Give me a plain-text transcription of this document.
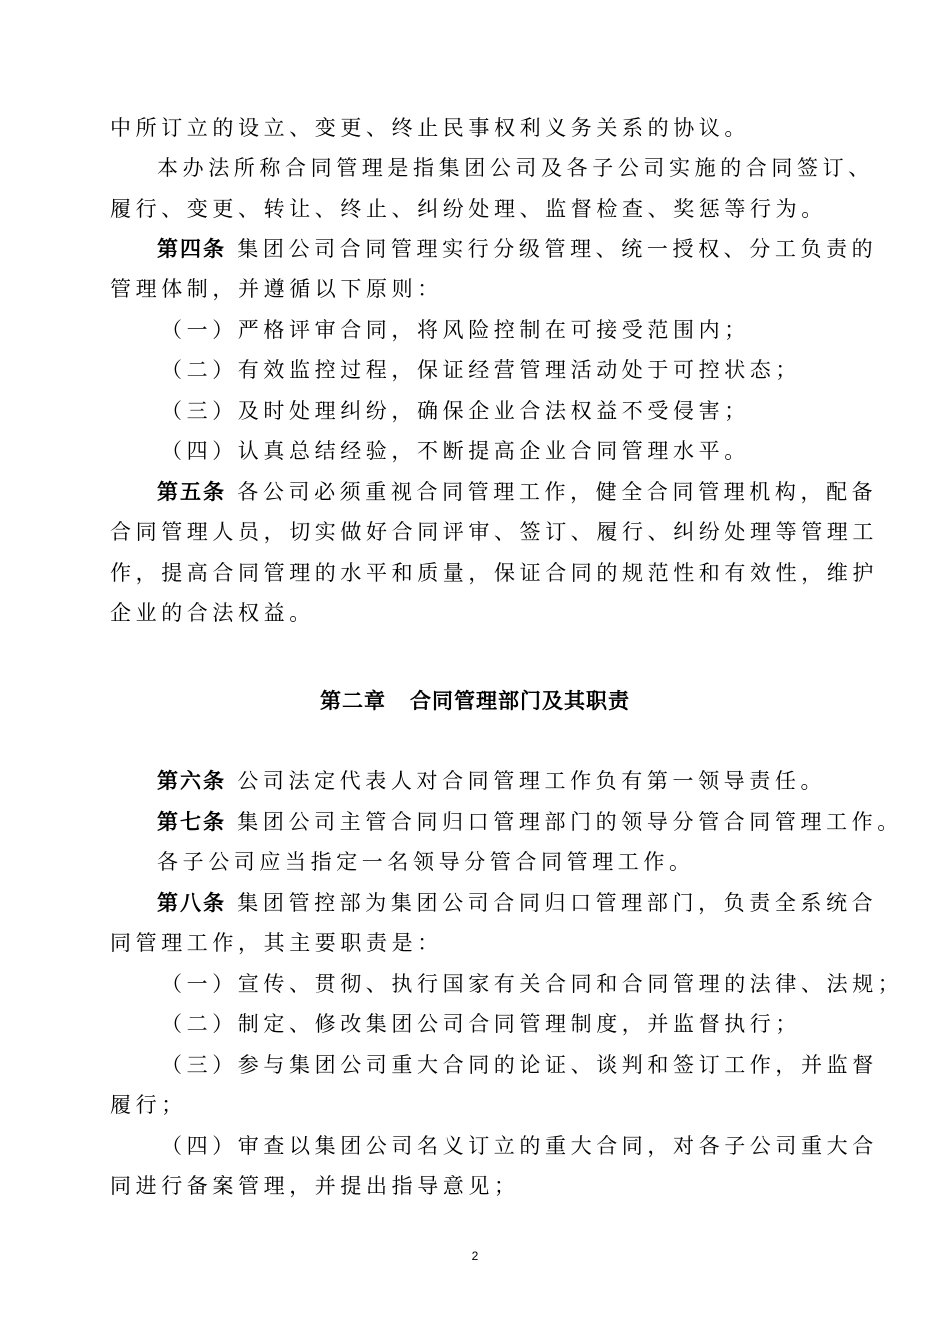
中所订立的设立、变更、终止民事权利义务关系的协议。
本办法所称合同管理是指集团公司及各子公司实施的合同签订、
履行、变更、转让、终止、纠纷处理、监督检查、奖惩等行为。
第四条 集团公司合同管理实行分级管理、统一授权、分工负责的
管理体制，并遵循以下原则：
（一）严格评审合同，将风险控制在可接受范围内；
（二）有效监控过程，保证经营管理活动处于可控状态；
（三）及时处理纠纷，确保企业合法权益不受侵害；
（四）认真总结经验，不断提高企业合同管理水平。
第五条 各公司必须重视合同管理工作，健全合同管理机构，配备
合同管理人员，切实做好合同评审、签订、履行、纠纷处理等管理工
作，提高合同管理的水平和质量，保证合同的规范性和有效性，维护
企业的合法权益。
第二章 合同管理部门及其职责
第六条 公司法定代表人对合同管理工作负有第一领导责任。
第七条 集团公司主管合同归口管理部门的领导分管合同管理工作。
各子公司应当指定一名领导分管合同管理工作。
第八条 集团管控部为集团公司合同归口管理部门，负责全系统合
同管理工作，其主要职责是：
（一）宣传、贯彻、执行国家有关合同和合同管理的法律、法规；
（二）制定、修改集团公司合同管理制度，并监督执行；
（三）参与集团公司重大合同的论证、谈判和签订工作，并监督
履行；
（四）审查以集团公司名义订立的重大合同，对各子公司重大合
同进行备案管理，并提出指导意见；
2
